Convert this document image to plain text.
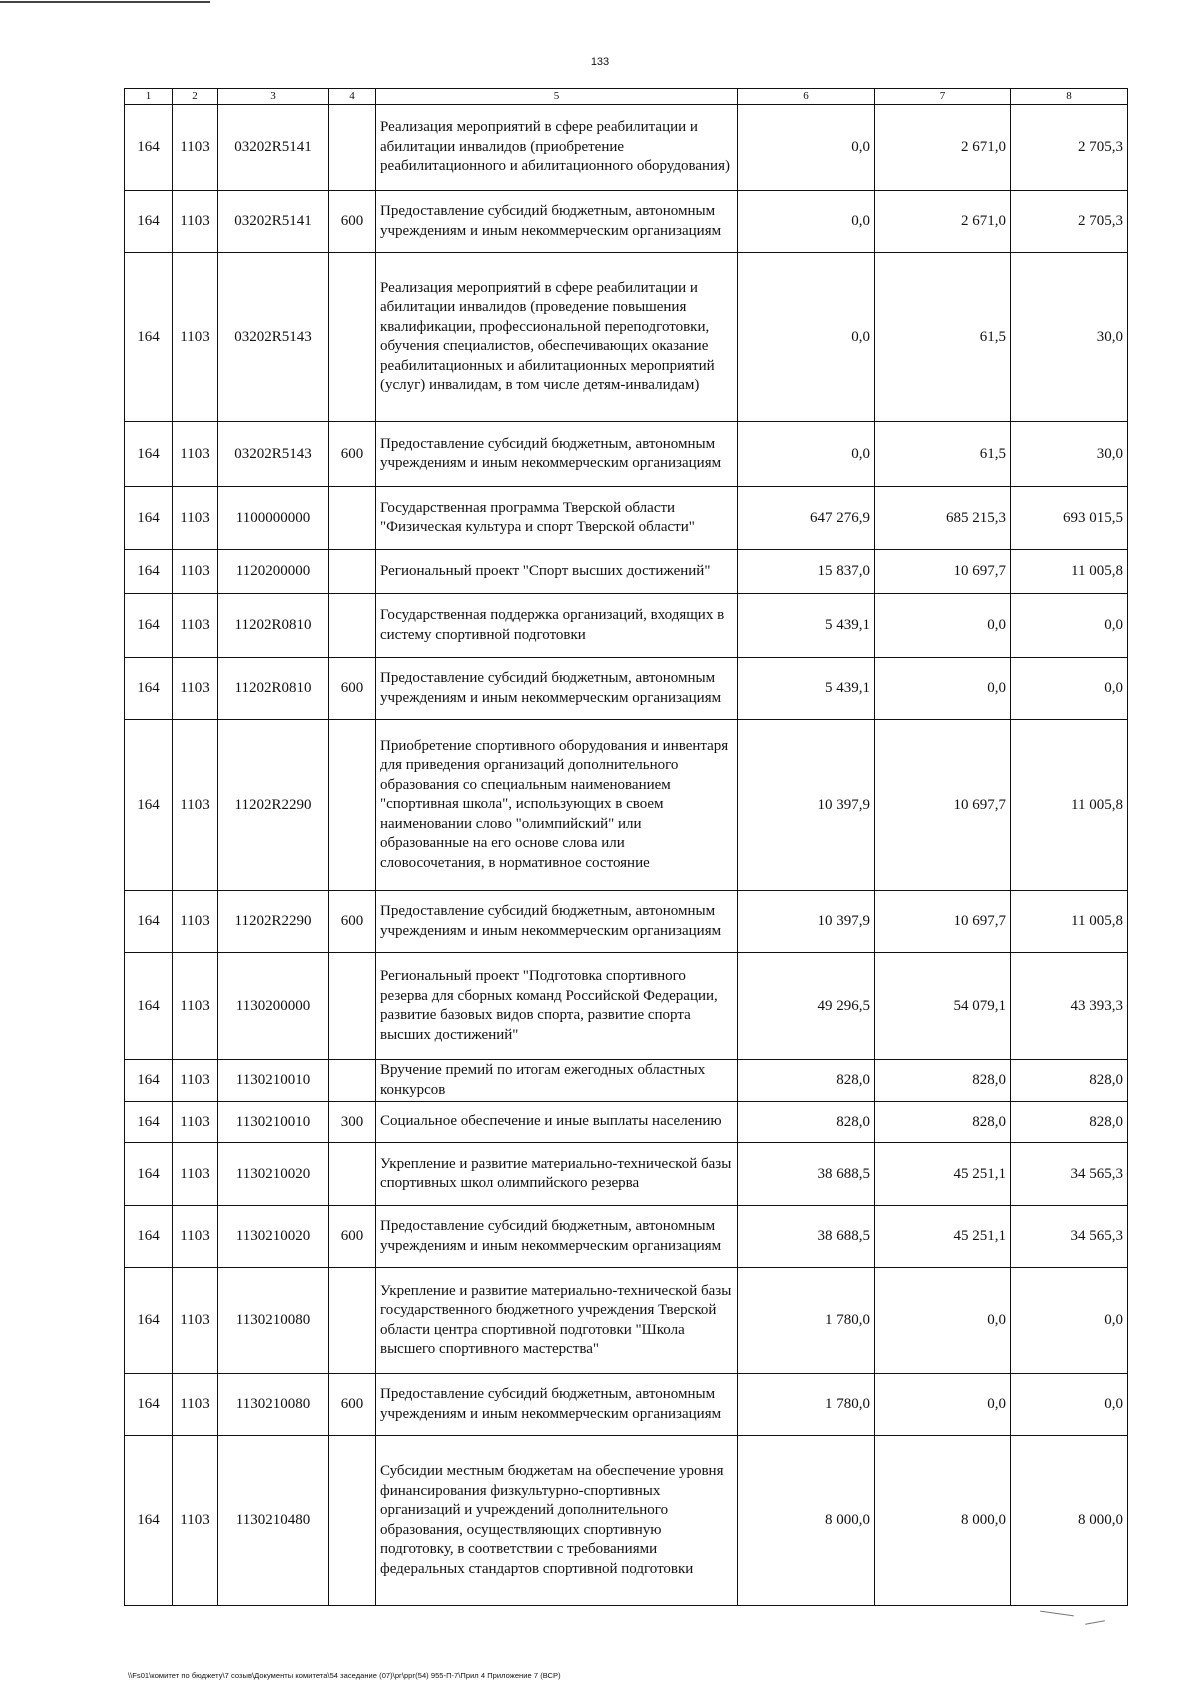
133
1	2	3	4	5	6	7	8
164	1103	03202R5141		Реализация мероприятий в сфере реабилитации и абилитации инвалидов (приобретение реабилитационного и абилитационного оборудования)	0,0	2 671,0	2 705,3
164	1103	03202R5141	600	Предоставление субсидий бюджетным, автономным учреждениям и иным некоммерческим организациям	0,0	2 671,0	2 705,3
164	1103	03202R5143		Реализация мероприятий в сфере реабилитации и абилитации инвалидов (проведение повышения квалификации, профессиональной переподготовки, обучения специалистов, обеспечивающих оказание реабилитационных и абилитационных мероприятий (услуг) инвалидам, в том числе детям-инвалидам)	0,0	61,5	30,0
164	1103	03202R5143	600	Предоставление субсидий бюджетным, автономным учреждениям и иным некоммерческим организациям	0,0	61,5	30,0
164	1103	1100000000		Государственная программа Тверской области "Физическая культура и спорт Тверской области"	647 276,9	685 215,3	693 015,5
164	1103	1120200000		Региональный проект "Спорт высших достижений"	15 837,0	10 697,7	11 005,8
164	1103	11202R0810		Государственная поддержка организаций, входящих в систему спортивной подготовки	5 439,1	0,0	0,0
164	1103	11202R0810	600	Предоставление субсидий бюджетным, автономным учреждениям и иным некоммерческим организациям	5 439,1	0,0	0,0
164	1103	11202R2290		Приобретение спортивного оборудования и инвентаря для приведения организаций дополнительного образования со специальным наименованием "спортивная школа", использующих в своем наименовании слово "олимпийский" или образованные на его основе слова или словосочетания, в нормативное состояние	10 397,9	10 697,7	11 005,8
164	1103	11202R2290	600	Предоставление субсидий бюджетным, автономным учреждениям и иным некоммерческим организациям	10 397,9	10 697,7	11 005,8
164	1103	1130200000		Региональный проект "Подготовка спортивного резерва для сборных команд Российской Федерации, развитие базовых видов спорта, развитие спорта высших достижений"	49 296,5	54 079,1	43 393,3
164	1103	1130210010		Вручение премий по итогам ежегодных областных конкурсов	828,0	828,0	828,0
164	1103	1130210010	300	Социальное обеспечение и иные выплаты населению	828,0	828,0	828,0
164	1103	1130210020		Укрепление и развитие материально-технической базы спортивных школ олимпийского резерва	38 688,5	45 251,1	34 565,3
164	1103	1130210020	600	Предоставление субсидий бюджетным, автономным учреждениям и иным некоммерческим организациям	38 688,5	45 251,1	34 565,3
164	1103	1130210080		Укрепление и развитие материально-технической базы государственного бюджетного учреждения Тверской области центра спортивной подготовки "Школа высшего спортивного мастерства"	1 780,0	0,0	0,0
164	1103	1130210080	600	Предоставление субсидий бюджетным, автономным учреждениям и иным некоммерческим организациям	1 780,0	0,0	0,0
164	1103	1130210480		Субсидии местным бюджетам на обеспечение уровня финансирования физкультурно-спортивных организаций и учреждений дополнительного образования, осуществляющих спортивную подготовку, в соответствии с требованиями федеральных стандартов спортивной подготовки	8 000,0	8 000,0	8 000,0
\\Fs01\комитет по бюджету\7 созыв\Документы комитета\54 заседание (07)\рг\ррг(54) 955-П-7\Прил 4 Приложение 7 (ВСР)
